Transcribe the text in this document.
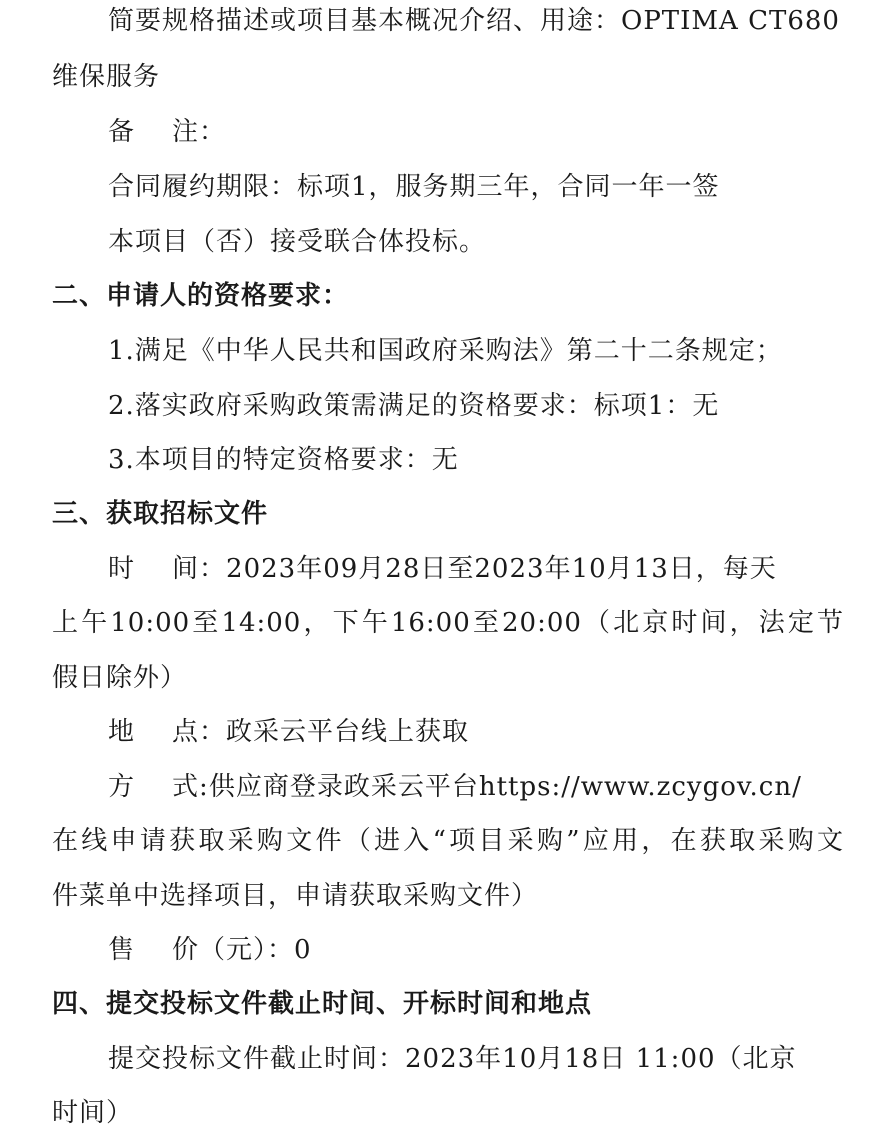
简要规格描述或项目基本概况介绍、用途：OPTIMA CT680
维保服务
备    注：
合同履约期限：标项1，服务期三年，合同一年一签
本项目（否）接受联合体投标。
二、申请人的资格要求：
1.满足《中华人民共和国政府采购法》第二十二条规定；
2.落实政府采购政策需满足的资格要求：标项1：无
3.本项目的特定资格要求：无
三、获取招标文件
时    间：2023年09月28日至2023年10月13日，每天
上午10:00至14:00，下午16:00至20:00（北京时间，法定节
假日除外）
地    点：政采云平台线上获取
方    式:供应商登录政采云平台https://www.zcygov.cn/
在线申请获取采购文件（进入“项目采购”应用，在获取采购文
件菜单中选择项目，申请获取采购文件）
售    价（元）：0
四、提交投标文件截止时间、开标时间和地点
提交投标文件截止时间：2023年10月18日 11:00（北京
时间）
